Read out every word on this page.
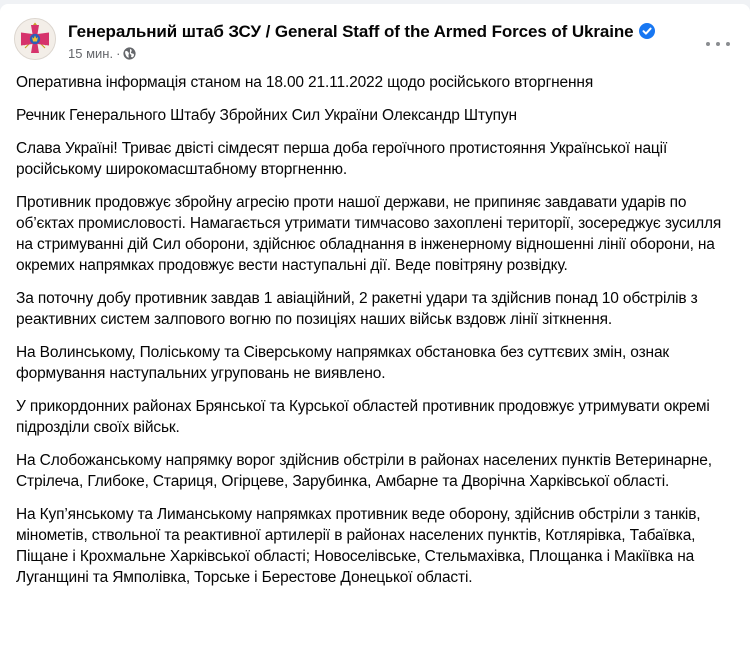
Генеральний штаб ЗСУ / General Staff of the Armed Forces of Ukraine
15 мин. ·

Оперативна інформація станом на 18.00 21.11.2022 щодо російського вторгнення

Речник Генерального Штабу Збройних Сил України Олександр Штупун

Слава Україні! Триває двісті сімдесят перша доба героїчного протистояння Української нації російському широкомасштабному вторгненню.

Противник продовжує збройну агресію проти нашої держави, не припиняє завдавати ударів по об’єктах промисловості. Намагається утримати тимчасово захоплені території, зосереджує зусилля на стримуванні дій Сил оборони, здійснює обладнання в інженерному відношенні лінії оборони, на окремих напрямках продовжує вести наступальні дії. Веде повітряну розвідку.

За поточну добу противник завдав 1 авіаційний, 2 ракетні удари та здійснив понад 10 обстрілів з реактивних систем залпового вогню по позиціях наших військ вздовж лінії зіткнення.

На Волинському, Поліському та Сіверському напрямках обстановка без суттєвих змін, ознак формування наступальних угруповань не виявлено.

У прикордонних районах Брянської та Курської областей противник продовжує утримувати окремі підрозділи своїх військ.

На Слобожанському напрямку ворог здійснив обстріли в районах населених пунктів Ветеринарне, Стрілеча, Глибоке, Стариця, Огірцеве, Зарубинка, Амбарне та Дворічна Харківської області.

На Куп’янському та Лиманському напрямках противник веде оборону, здійснив обстріли з танків, мінометів, ствольної та реактивної артилерії в районах населених пунктів, Котлярівка, Табаївка, Піщане і Крохмальне Харківської області; Новоселівське, Стельмахівка, Площанка і Макіївка на Луганщині та Ямполівка, Торське і Берестове Донецької області.
